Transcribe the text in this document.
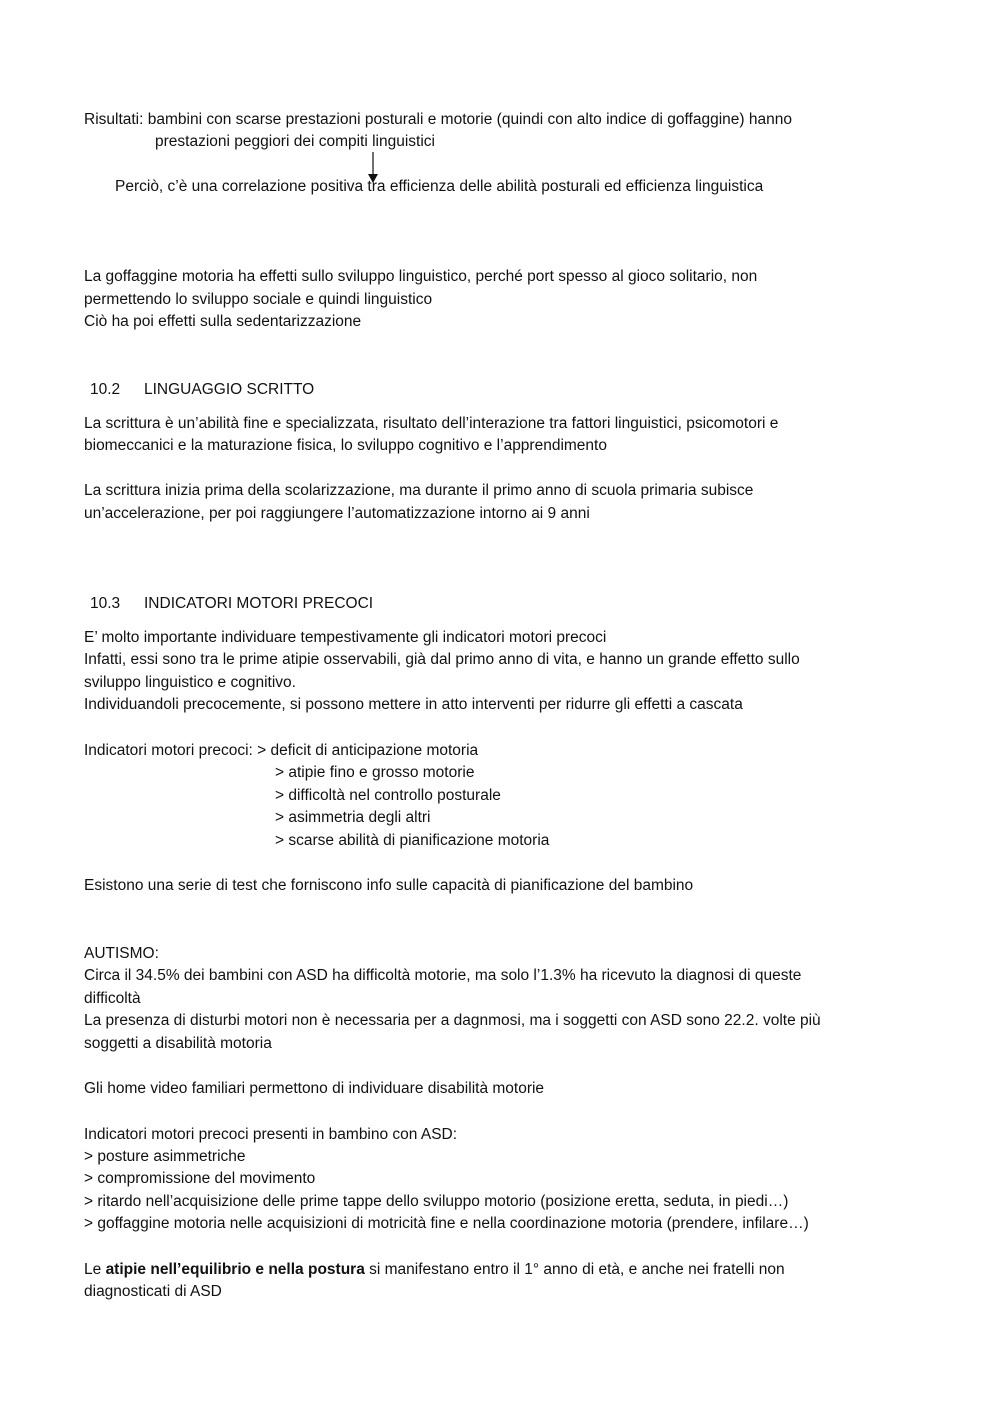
Risultati: bambini con scarse prestazioni posturali e motorie (quindi con alto indice di goffaggine) hanno
prestazioni peggiori dei compiti linguistici
Perciò, c’è una correlazione positiva tra efficienza delle abilità posturali ed efficienza linguistica
La goffaggine motoria ha effetti sullo sviluppo linguistico, perché port spesso al gioco solitario, non
permettendo lo sviluppo sociale e quindi linguistico
Ciò ha poi effetti sulla sedentarizzazione
10.2 LINGUAGGIO SCRITTO
La scrittura è un’abilità fine e specializzata, risultato dell’interazione tra fattori linguistici, psicomotori e
biomeccanici e la maturazione fisica, lo sviluppo cognitivo e l’apprendimento
La scrittura inizia prima della scolarizzazione, ma durante il primo anno di scuola primaria subisce
un’accelerazione, per poi raggiungere l’automatizzazione intorno ai 9 anni
10.3 INDICATORI MOTORI PRECOCI
E’ molto importante individuare tempestivamente gli indicatori motori precoci
Infatti, essi sono tra le prime atipie osservabili, già dal primo anno di vita, e hanno un grande effetto sullo
sviluppo linguistico e cognitivo.
Individuandoli precocemente, si possono mettere in atto interventi per ridurre gli effetti a cascata
Indicatori motori precoci: > deficit di anticipazione motoria
> atipie fino e grosso motorie
> difficoltà nel controllo posturale
> asimmetria degli altri
> scarse abilità di pianificazione motoria
Esistono una serie di test che forniscono info sulle capacità di pianificazione del bambino
AUTISMO:
Circa il 34.5% dei bambini con ASD ha difficoltà motorie, ma solo l’1.3% ha ricevuto la diagnosi di queste
difficoltà
La presenza di disturbi motori non è necessaria per a dagnmosi, ma i soggetti con ASD sono 22.2. volte più
soggetti a disabilità motoria
Gli home video familiari permettono di individuare disabilità motorie
Indicatori motori precoci presenti in bambino con ASD:
> posture asimmetriche
> compromissione del movimento
> ritardo nell’acquisizione delle prime tappe dello sviluppo motorio (posizione eretta, seduta, in piedi…)
> goffaggine motoria nelle acquisizioni di motricità fine e nella coordinazione motoria (prendere, infilare…)
Le atipie nell’equilibrio e nella postura si manifestano entro il 1° anno di età, e anche nei fratelli non
diagnosticati di ASD
